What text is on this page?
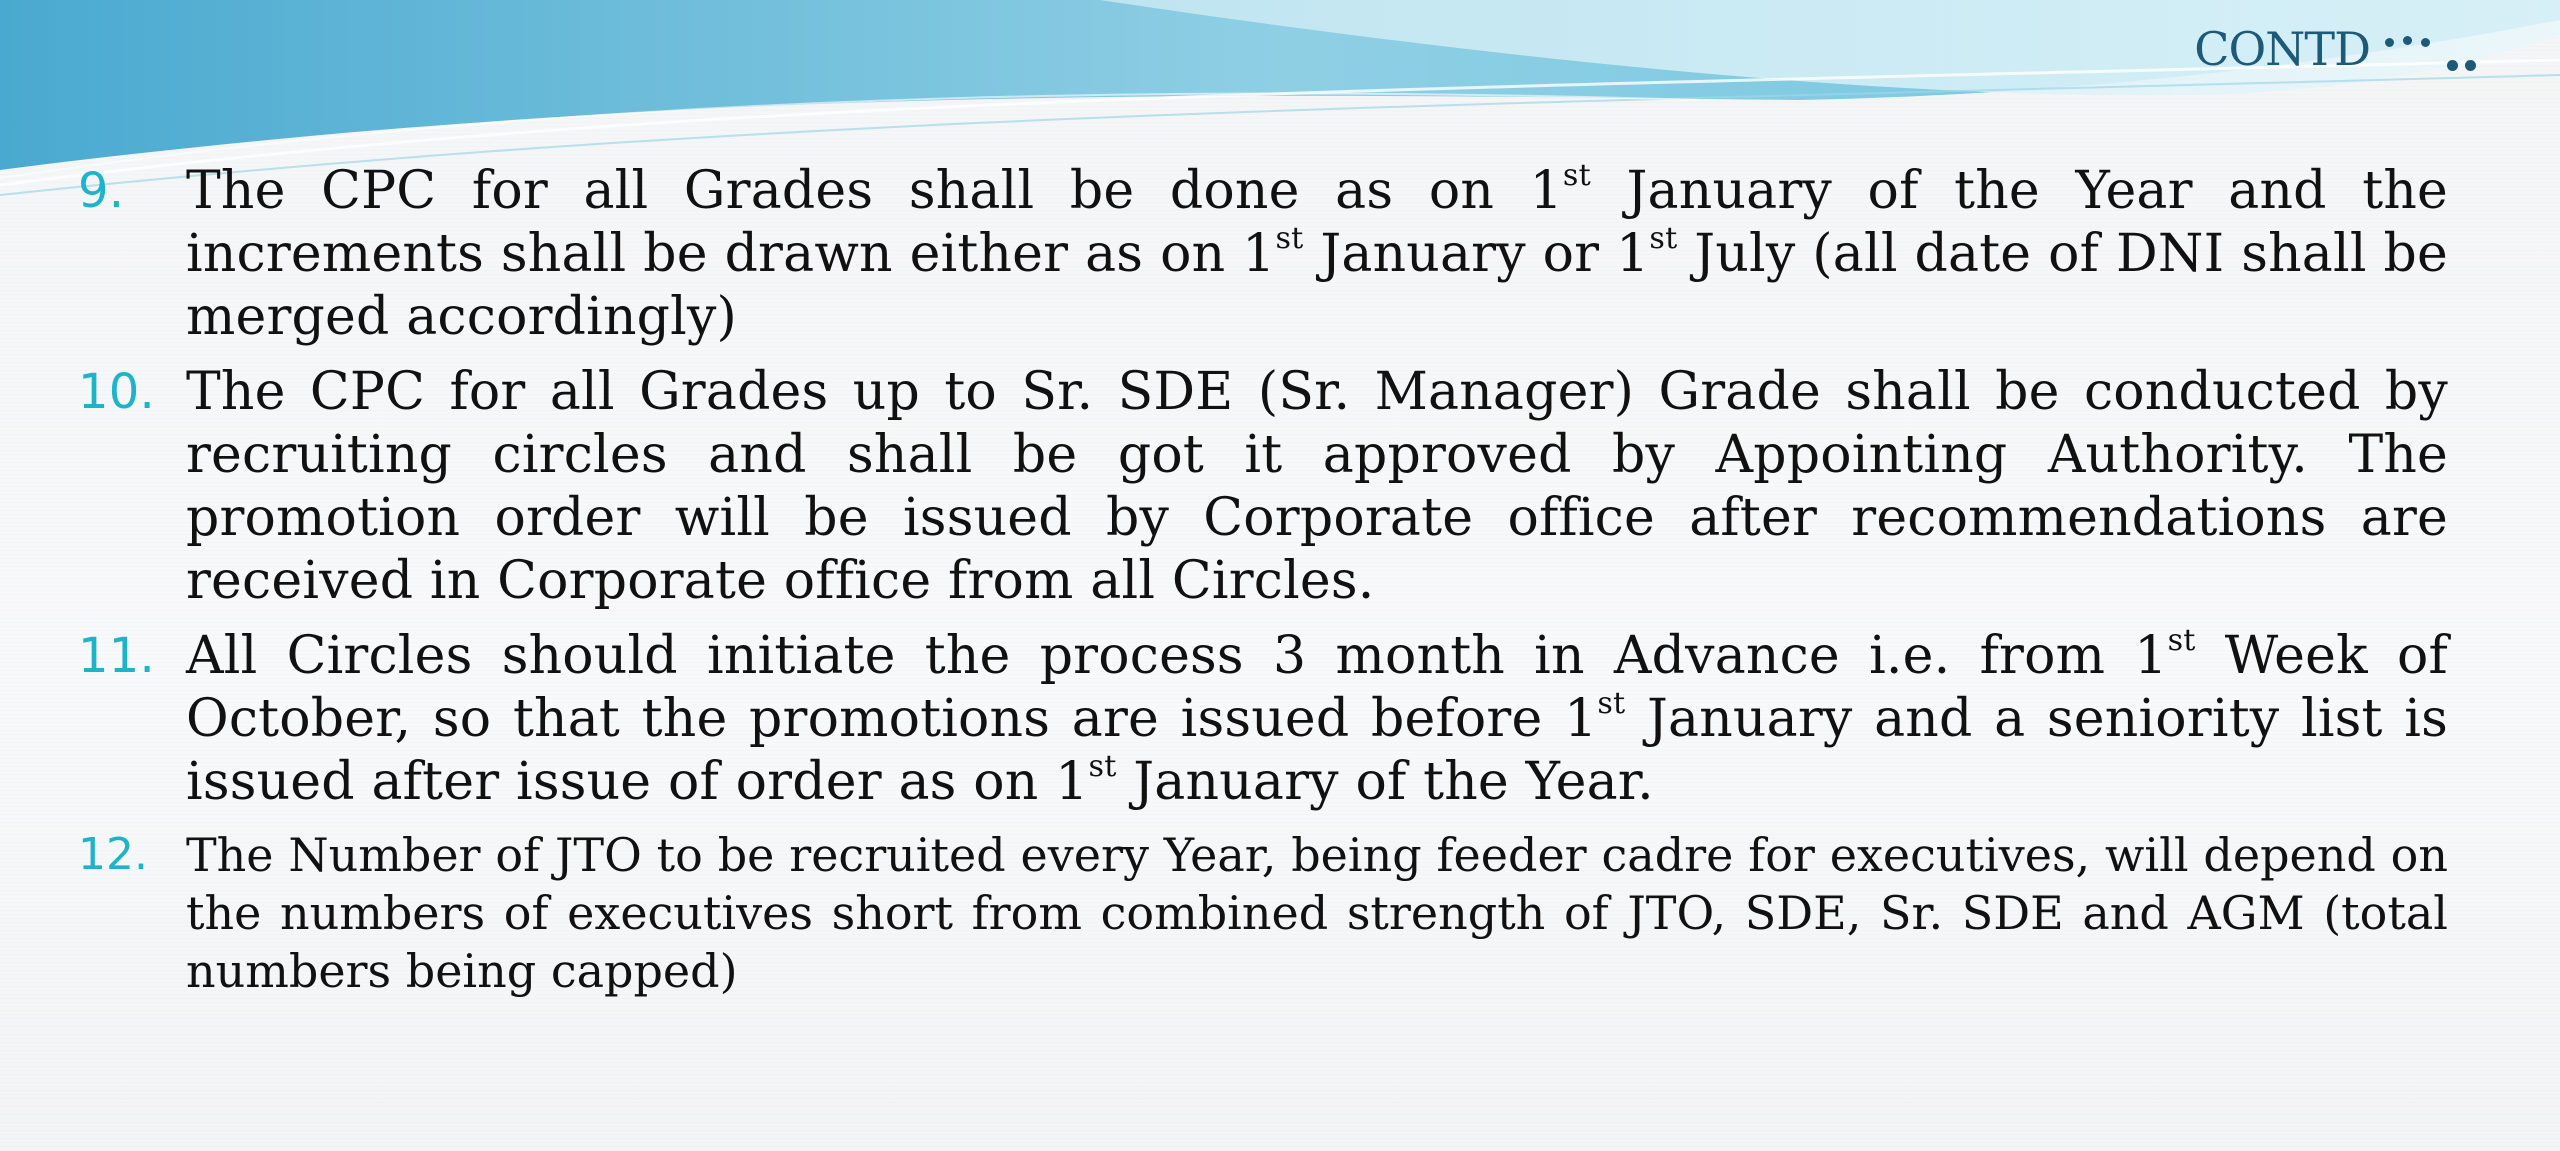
CONTD
9.	The CPC for all Grades shall be done as on 1st January of the Year and the increments shall be drawn either as on 1st January or 1st July (all date of DNI shall be merged accordingly)
10. The CPC for all Grades up to Sr. SDE (Sr. Manager) Grade shall be conducted by recruiting circles and shall be got it approved by Appointing Authority. The promotion order will be issued by Corporate office after recommendations are received in Corporate office from all Circles.
11. All Circles should initiate the process 3 month in Advance i.e. from 1st Week of October, so that the promotions are issued before 1st January and a seniority list is issued after issue of order as on 1st January of the Year.
12. The Number of JTO to be recruited every Year, being feeder cadre for executives, will depend on the numbers of executives short from combined strength of JTO, SDE, Sr. SDE and AGM (total numbers being capped)
